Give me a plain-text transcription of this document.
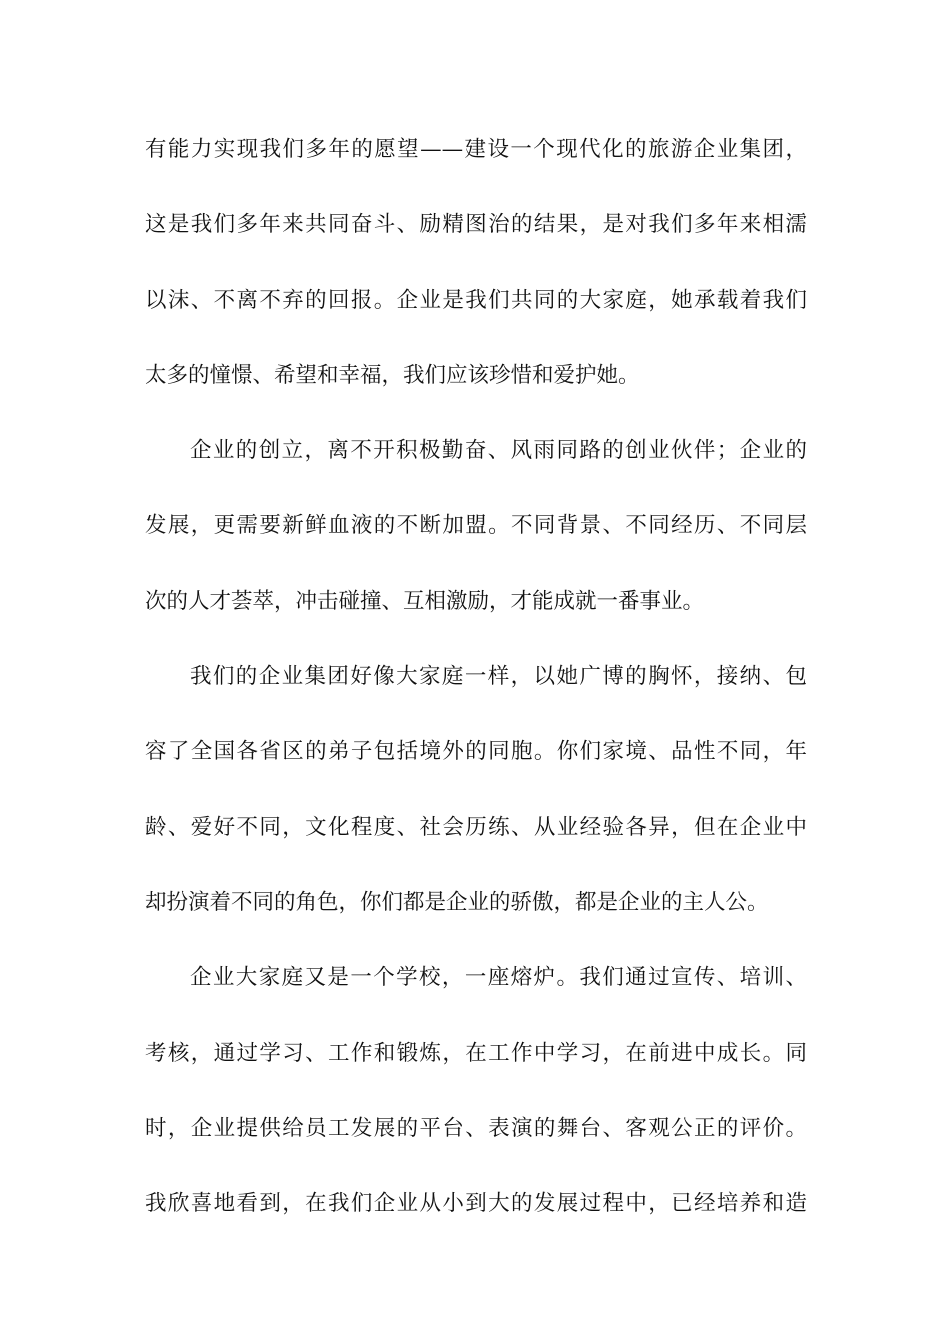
有能力实现我们多年的愿望——建设一个现代化的旅游企业集团，
这是我们多年来共同奋斗、励精图治的结果，是对我们多年来相濡
以沫、不离不弃的回报。企业是我们共同的大家庭，她承载着我们
太多的憧憬、希望和幸福，我们应该珍惜和爱护她。
企业的创立，离不开积极勤奋、风雨同路的创业伙伴；企业的
发展，更需要新鲜血液的不断加盟。不同背景、不同经历、不同层
次的人才荟萃，冲击碰撞、互相激励，才能成就一番事业。
我们的企业集团好像大家庭一样，以她广博的胸怀，接纳、包
容了全国各省区的弟子包括境外的同胞。你们家境、品性不同，年
龄、爱好不同，文化程度、社会历练、从业经验各异，但在企业中
却扮演着不同的角色，你们都是企业的骄傲，都是企业的主人公。
企业大家庭又是一个学校，一座熔炉。我们通过宣传、培训、
考核，通过学习、工作和锻炼，在工作中学习，在前进中成长。同
时，企业提供给员工发展的平台、表演的舞台、客观公正的评价。
我欣喜地看到，在我们企业从小到大的发展过程中，已经培养和造
